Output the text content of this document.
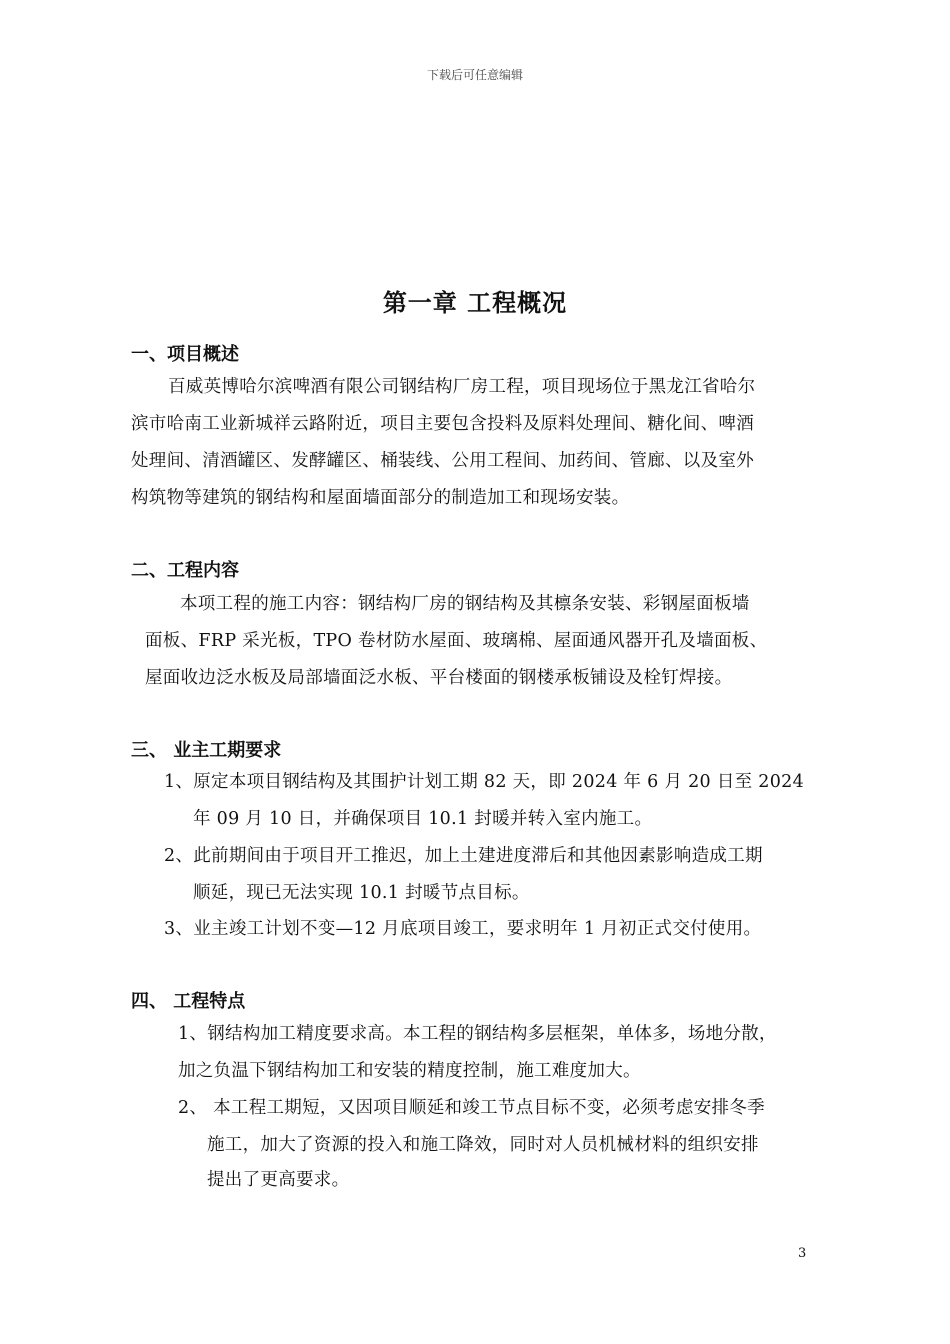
下载后可任意编辑
第一章 工程概况
一、项目概述
百威英博哈尔滨啤酒有限公司钢结构厂房工程，项目现场位于黑龙江省哈尔
滨市哈南工业新城祥云路附近，项目主要包含投料及原料处理间、糖化间、啤酒
处理间、清酒罐区、发酵罐区、桶装线、公用工程间、加药间、管廊、以及室外
构筑物等建筑的钢结构和屋面墙面部分的制造加工和现场安装。
二、工程内容
本项工程的施工内容：钢结构厂房的钢结构及其檩条安装、彩钢屋面板墙
面板、FRP 采光板，TPO 卷材防水屋面、玻璃棉、屋面通风器开孔及墙面板、
屋面收边泛水板及局部墙面泛水板、平台楼面的钢楼承板铺设及栓钉焊接。
三、 业主工期要求
1、原定本项目钢结构及其围护计划工期 82 天，即 2024 年 6 月 20 日至 2024
年 09 月 10 日，并确保项目 10.1 封暖并转入室内施工。
2、此前期间由于项目开工推迟，加上土建进度滞后和其他因素影响造成工期
顺延，现已无法实现 10.1 封暖节点目标。
3、业主竣工计划不变—12 月底项目竣工，要求明年 1 月初正式交付使用。
四、 工程特点
1、钢结构加工精度要求高。本工程的钢结构多层框架，单体多，场地分散，
加之负温下钢结构加工和安装的精度控制，施工难度加大。
2、 本工程工期短，又因项目顺延和竣工节点目标不变，必须考虑安排冬季
施工，加大了资源的投入和施工降效，同时对人员机械材料的组织安排
提出了更高要求。
3
